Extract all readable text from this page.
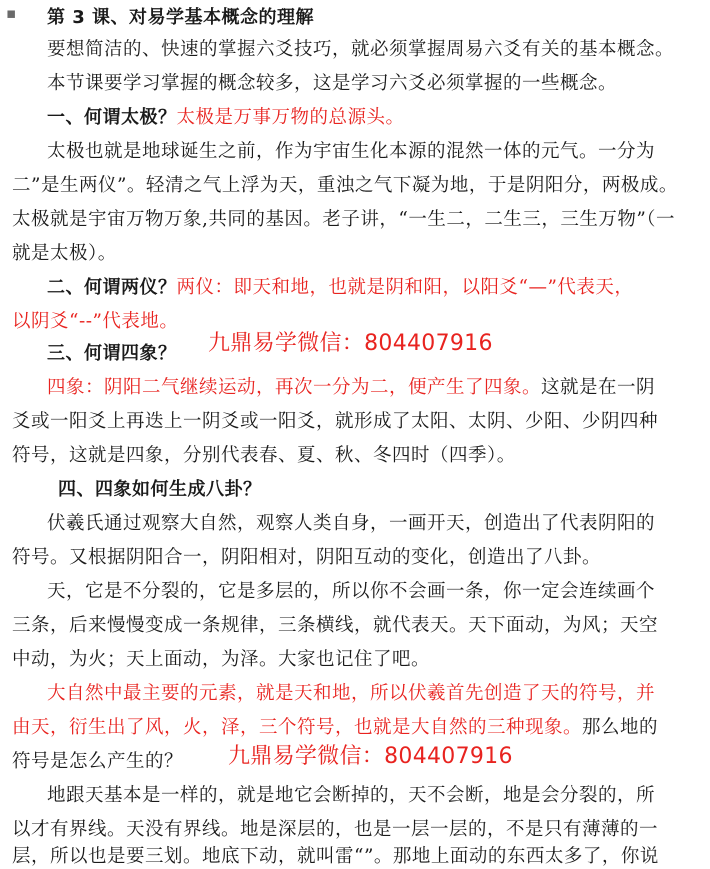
▪ 第 3 课、对易学基本概念的理解
要想简洁的、快速的掌握六爻技巧，就必须掌握周易六爻有关的基本概念。
本节课要学习掌握的概念较多，这是学习六爻必须掌握的一些概念。
一、何谓太极？太极是万事万物的总源头。
太极也就是地球诞生之前，作为宇宙生化本源的混然一体的元气。一分为
二”是生两仪”。轻清之气上浮为天，重浊之气下凝为地，于是阴阳分，两极成。
太极就是宇宙万物万象,共同的基因。老子讲，“一生二，二生三，三生万物”（一
就是太极）。
二、何谓两仪？两仪：即天和地，也就是阴和阳，以阳爻“—”代表天，
以阴爻“--”代表地。
九鼎易学微信：804407916
三、何谓四象？
四象：阴阳二气继续运动，再次一分为二，便产生了四象。这就是在一阴
爻或一阳爻上再迭上一阴爻或一阳爻，就形成了太阳、太阴、少阳、少阴四种
符号，这就是四象，分别代表春、夏、秋、冬四时（四季）。
四、四象如何生成八卦？
伏羲氏通过观察大自然，观察人类自身，一画开天，创造出了代表阴阳的
符号。又根据阴阳合一，阴阳相对，阴阳互动的变化，创造出了八卦。
天，它是不分裂的，它是多层的，所以你不会画一条，你一定会连续画个
三条，后来慢慢变成一条规律，三条横线，就代表天。天下面动，为风；天空
中动，为火；天上面动，为泽。大家也记住了吧。
大自然中最主要的元素，就是天和地，所以伏羲首先创造了天的符号，并
由天，衍生出了风，火，泽，三个符号，也就是大自然的三种现象。那么地的
符号是怎么产生的？ 九鼎易学微信：804407916
地跟天基本是一样的，就是地它会断掉的，天不会断，地是会分裂的，所
以才有界线。天没有界线。地是深层的，也是一层一层的，不是只有薄薄的一
层，所以也是要三划。地底下动，就叫雷“”。那地上面动的东西太多了，你说
